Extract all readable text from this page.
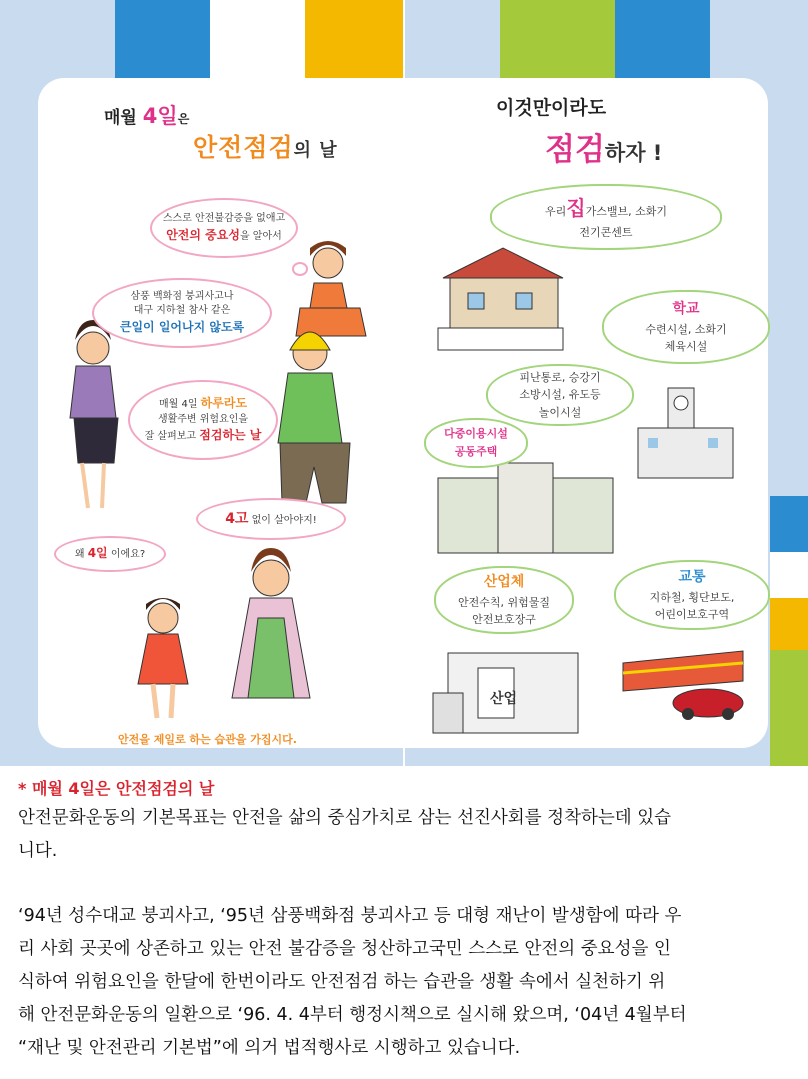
매월 4일은
안전점검의 날
이것만이라도
점검하자 !
스스로 안전불감증을 없애고
안전의 중요성을 알아서
삼풍 백화점 붕괴사고나
대구 지하철 참사 같은
큰일이 일어나지 않도록
매월 4일 하루라도
생활주변 위험요인을
잘 살펴보고 점검하는 날
4고 없이 살아야지!
왜 4일 이에요?
우리집가스밸브, 소화기
전기콘센트
학교
수련시설, 소화기
체육시설
피난통로, 승강기
소방시설, 유도등
놀이시설
다중이용시설
공동주택
산업체
안전수칙, 위험물질
안전보호장구
교통
지하철, 횡단보도,
어린이보호구역
산업
안전을 제일로 하는 습관을 가집시다.
* 매월 4일은 안전점검의 날
안전문화운동의 기본목표는 안전을 삶의 중심가치로 삼는 선진사회를 정착하는데 있습
니다.
‘94년 성수대교 붕괴사고, ‘95년 삼풍백화점 붕괴사고 등 대형 재난이 발생함에 따라 우
리 사회 곳곳에 상존하고 있는 안전 불감증을 청산하고국민 스스로 안전의 중요성을 인
식하여 위험요인을 한달에 한번이라도 안전점검 하는 습관을 생활 속에서 실천하기 위
해 안전문화운동의 일환으로 ‘96. 4. 4부터 행정시책으로 실시해 왔으며, ‘04년 4월부터
“재난 및 안전관리 기본법”에 의거 법적행사로 시행하고 있습니다.
